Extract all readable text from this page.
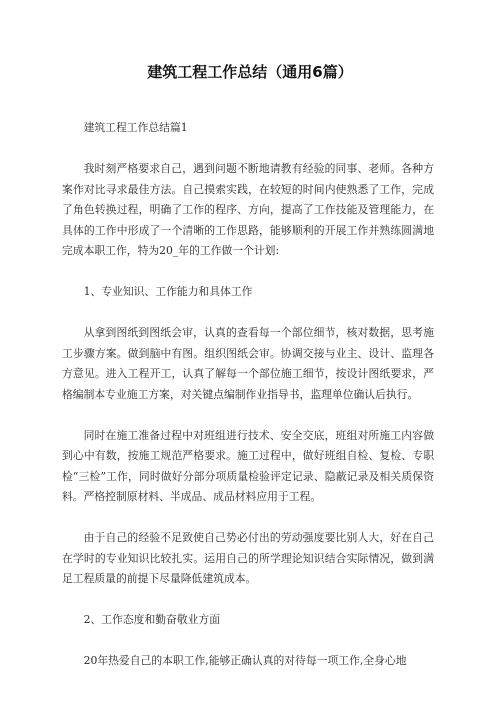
建筑工程工作总结（通用6篇）

建筑工程工作总结篇1

我时刻严格要求自己，遇到问题不断地请教有经验的同事、老师。各种方案作对比寻求最佳方法。自己摸索实践，在较短的时间内使熟悉了工作，完成了角色转换过程，明确了工作的程序、方向，提高了工作技能及管理能力，在具体的工作中形成了一个清晰的工作思路，能够顺利的开展工作并熟练圆满地完成本职工作，特为20_年的工作做一个计划:

1、专业知识、工作能力和具体工作

从拿到图纸到图纸会审，认真的查看每一个部位细节，核对数据，思考施工步骤方案。做到脑中有图。组织图纸会审。协调交接与业主、设计、监理各方意见。进入工程开工，认真了解每一个部位施工细节，按设计图纸要求，严格编制本专业施工方案，对关键点编制作业指导书，监理单位确认后执行。

同时在施工准备过程中对班组进行技术、安全交底，班组对所施工内容做到心中有数，按施工规范严格要求。施工过程中，做好班组自检、复检、专职检“三检”工作，同时做好分部分项质量检验评定记录、隐蔽记录及相关质保资料。严格控制原材料、半成品、成品材料应用于工程。

由于自己的经验不足致使自己势必付出的劳动强度要比别人大，好在自己在学时的专业知识比较扎实。运用自己的所学理论知识结合实际情况，做到满足工程质量的前提下尽量降低建筑成本。

2、工作态度和勤奋敬业方面

20年热爱自己的本职工作,能够正确认真的对待每一项工作,全身心地
